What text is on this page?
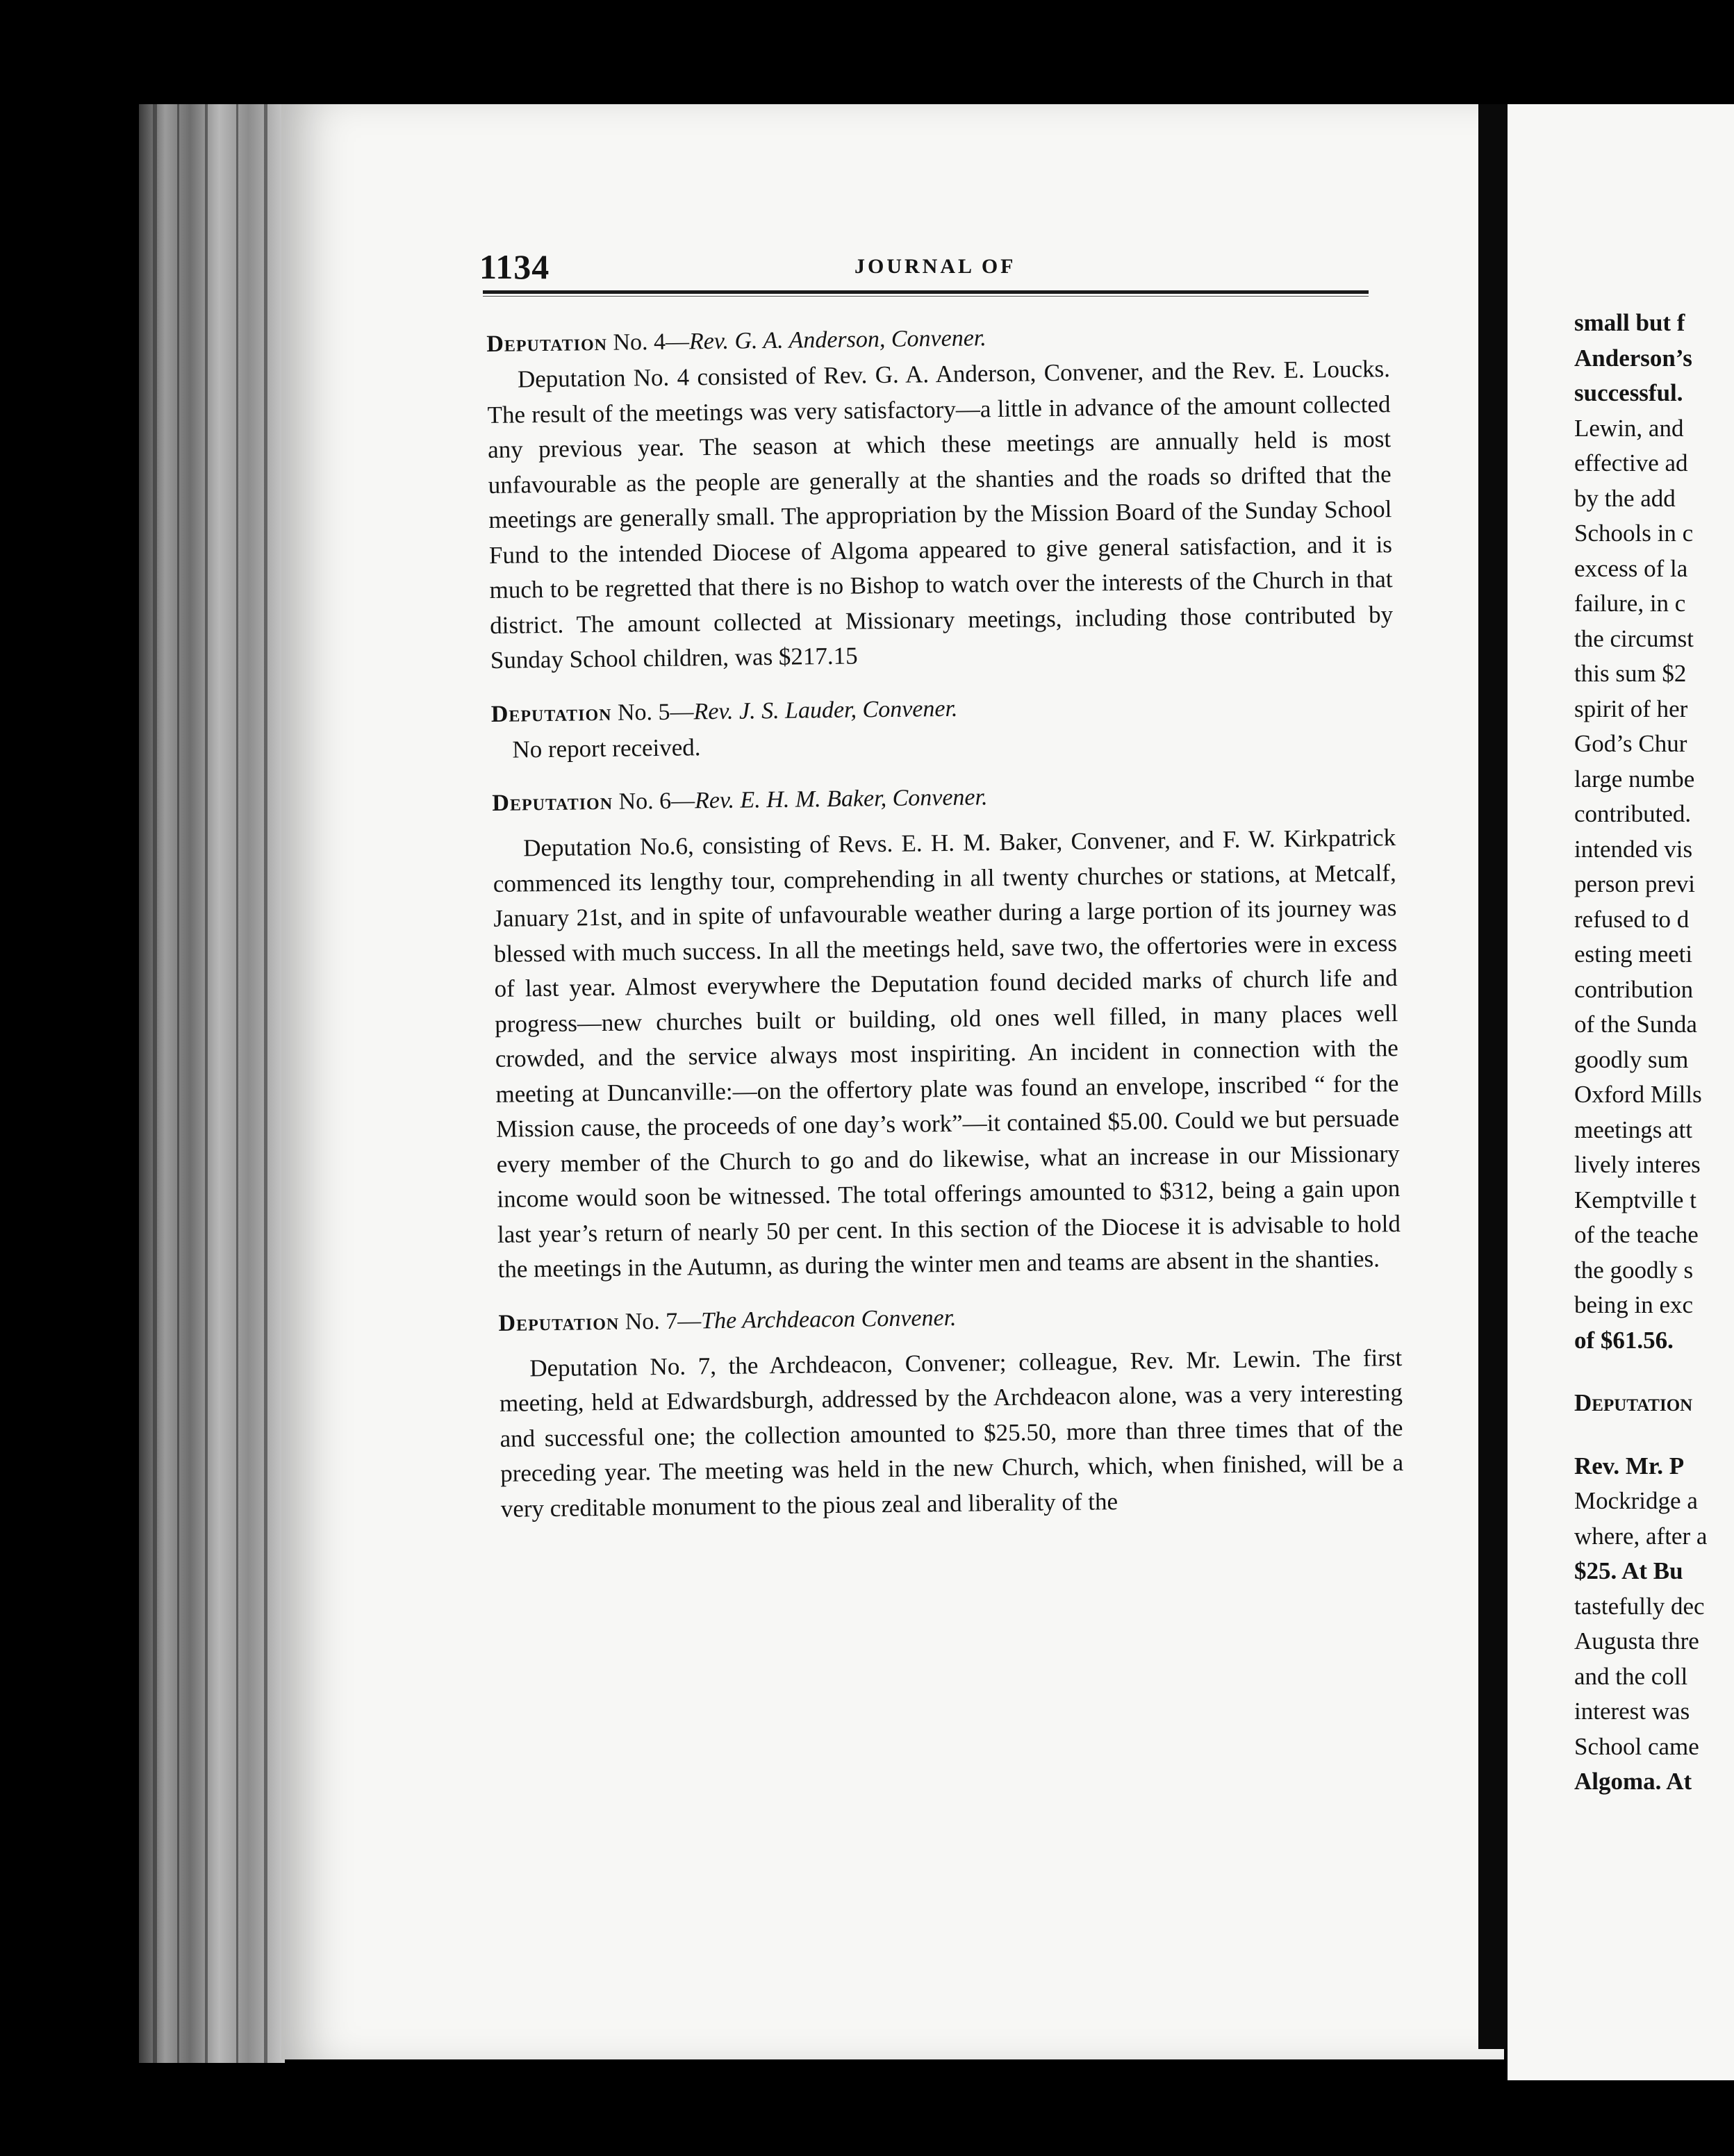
small but f
Anderson’s
successful.
Lewin, and
effective ad
by the add
Schools in c
excess of la
failure, in c
the circumst
this sum $2
spirit of her
God’s Chur
large numbe
contributed.
intended vis
person previ
refused to d
esting meeti
contribution
of the Sunda
goodly sum
Oxford Mills
meetings att
lively interes
Kemptville t
of the teache
the goodly s
being in exc
of $61.56.
Deputation
Rev. Mr. P
Mockridge a
where, after a
$25. At Bu
tastefully dec
Augusta thre
and the coll
interest was
School came
Algoma. At
1134	JOURNAL OF

Deputation No. 4—Rev. G. A. Anderson, Convener.

Deputation No. 4 consisted of Rev. G. A. Anderson, Convener, and the Rev. E. Loucks. The result of the meetings was very satisfactory—a little in advance of the amount collected any previous year. The season at which these meetings are annually held is most unfavourable as the people are generally at the shanties and the roads so drifted that the meetings are generally small. The appropriation by the Mission Board of the Sunday School Fund to the intended Diocese of Algoma appeared to give general satisfaction, and it is much to be regretted that there is no Bishop to watch over the interests of the Church in that district. The amount collected at Missionary meetings, including those contributed by Sunday School children, was $217.15

Deputation No. 5—Rev. J. S. Lauder, Convener.

No report received.

Deputation No. 6—Rev. E. H. M. Baker, Convener.

Deputation No.6, consisting of Revs. E. H. M. Baker, Convener, and F. W. Kirkpatrick commenced its lengthy tour, comprehending in all twenty churches or stations, at Metcalf, January 21st, and in spite of unfavourable weather during a large portion of its journey was blessed with much success. In all the meetings held, save two, the offertories were in excess of last year. Almost everywhere the Deputation found decided marks of church life and progress—new churches built or building, old ones well filled, in many places well crowded, and the service always most inspiriting. An incident in connection with the meeting at Duncanville:—on the offertory plate was found an envelope, inscribed “ for the Mission cause, the proceeds of one day’s work”—it contained $5.00. Could we but persuade every member of the Church to go and do likewise, what an increase in our Missionary income would soon be witnessed. The total offerings amounted to $312, being a gain upon last year’s return of nearly 50 per cent. In this section of the Diocese it is advisable to hold the meetings in the Autumn, as during the winter men and teams are absent in the shanties.

Deputation No. 7—The Archdeacon Convener.

Deputation No. 7, the Archdeacon, Convener; colleague, Rev. Mr. Lewin. The first meeting, held at Edwardsburgh, addressed by the Archdeacon alone, was a very interesting and successful one; the collection amounted to $25.50, more than three times that of the preceding year. The meeting was held in the new Church, which, when finished, will be a very creditable monument to the pious zeal and liberality of the
